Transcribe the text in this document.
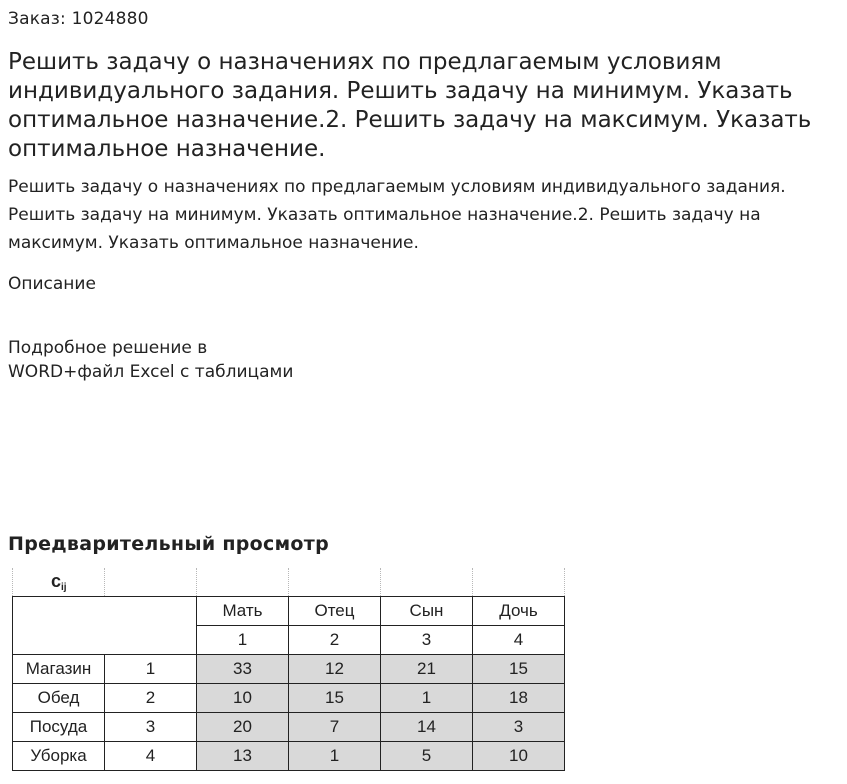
Заказ: 1024880
Решить задачу о назначениях по предлагаемым условиям индивидуального задания. Решить задачу на минимум. Указать оптимальное назначение.2. Решить задачу на максимум. Указать оптимальное назначение.
Решить задачу о назначениях по предлагаемым условиям индивидуального задания. Решить задачу на минимум. Указать оптимальное назначение.2. Решить задачу на максимум. Указать оптимальное назначение.
Описание
Подробное решение в
WORD+файл Excel с таблицами
Предварительный просмотр
$c_{ij}$					
		Мать	Отец	Сын	Дочь
		1	2	3	4
Магазин	1	33	12	21	15
Обед	2	10	15	1	18
Посуда	3	20	7	14	3
Уборка	4	13	1	5	10
